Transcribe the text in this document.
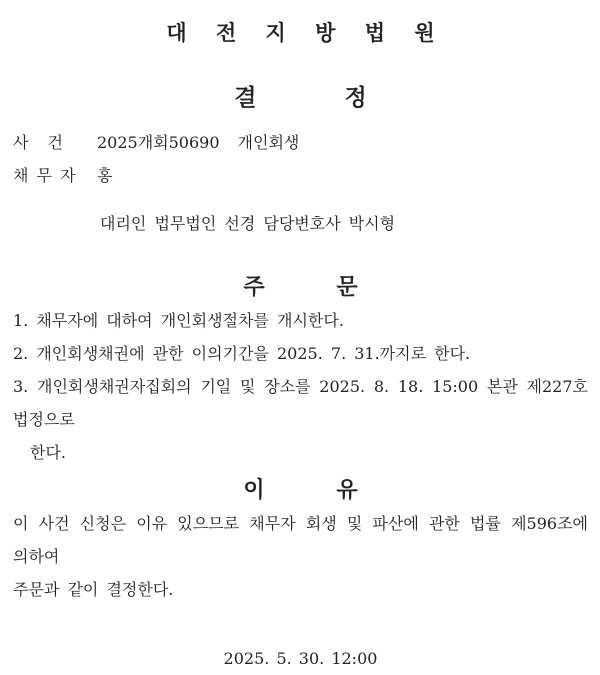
대 전 지 방 법 원
결 정
사 건 2025개회50690 개인회생
채 무 자 홍
대리인 법무법인 선경 담당변호사 박시형
주 문
1. 채무자에 대하여 개인회생절차를 개시한다.
2. 개인회생채권에 관한 이의기간을 2025. 7. 31.까지로 한다.
3. 개인회생채권자집회의 기일 및 장소를 2025. 8. 18. 15:00 본관 제227호 법정으로
한다.
이 유
이 사건 신청은 이유 있으므로 채무자 회생 및 파산에 관한 법률 제596조에 의하여
주문과 같이 결정한다.
2025. 5. 30. 12:00
